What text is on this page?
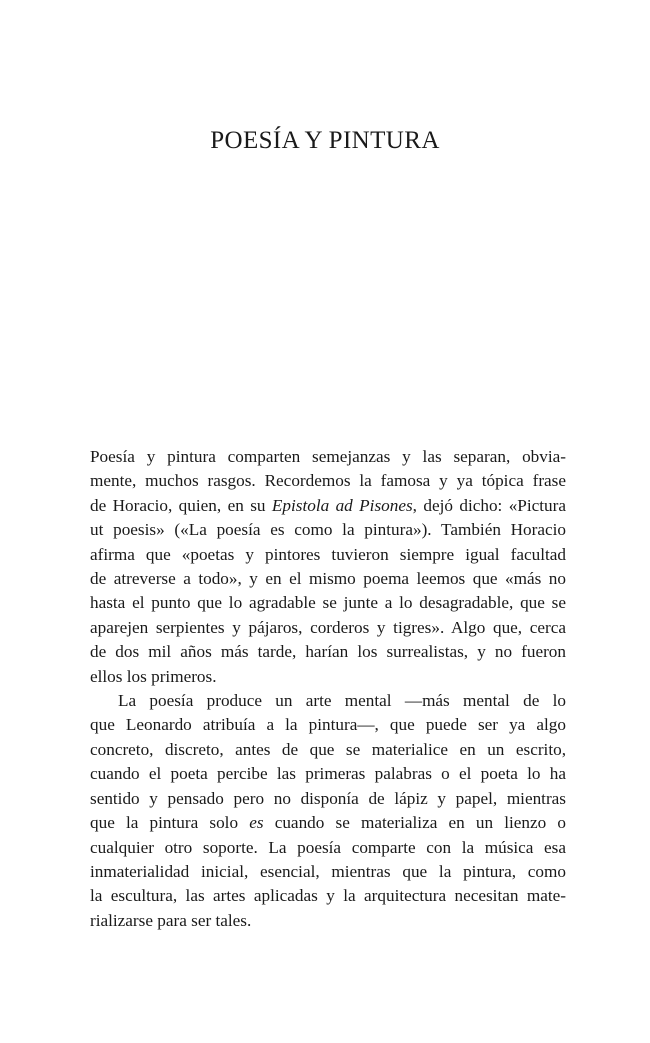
POESÍA Y PINTURA
Poesía y pintura comparten semejanzas y las separan, obvia-
mente, muchos rasgos. Recordemos la famosa y ya tópica frase
de Horacio, quien, en su Epistola ad Pisones, dejó dicho: «Pictura
ut poesis» («La poesía es como la pintura»). También Horacio
afirma que «poetas y pintores tuvieron siempre igual facultad
de atreverse a todo», y en el mismo poema leemos que «más no
hasta el punto que lo agradable se junte a lo desagradable, que se
aparejen serpientes y pájaros, corderos y tigres». Algo que, cerca
de dos mil años más tarde, harían los surrealistas, y no fueron
ellos los primeros.
La poesía produce un arte mental —más mental de lo
que Leonardo atribuía a la pintura—, que puede ser ya algo
concreto, discreto, antes de que se materialice en un escrito,
cuando el poeta percibe las primeras palabras o el poeta lo ha
sentido y pensado pero no disponía de lápiz y papel, mientras
que la pintura solo es cuando se materializa en un lienzo o
cualquier otro soporte. La poesía comparte con la música esa
inmaterialidad inicial, esencial, mientras que la pintura, como
la escultura, las artes aplicadas y la arquitectura necesitan mate-
rializarse para ser tales.
